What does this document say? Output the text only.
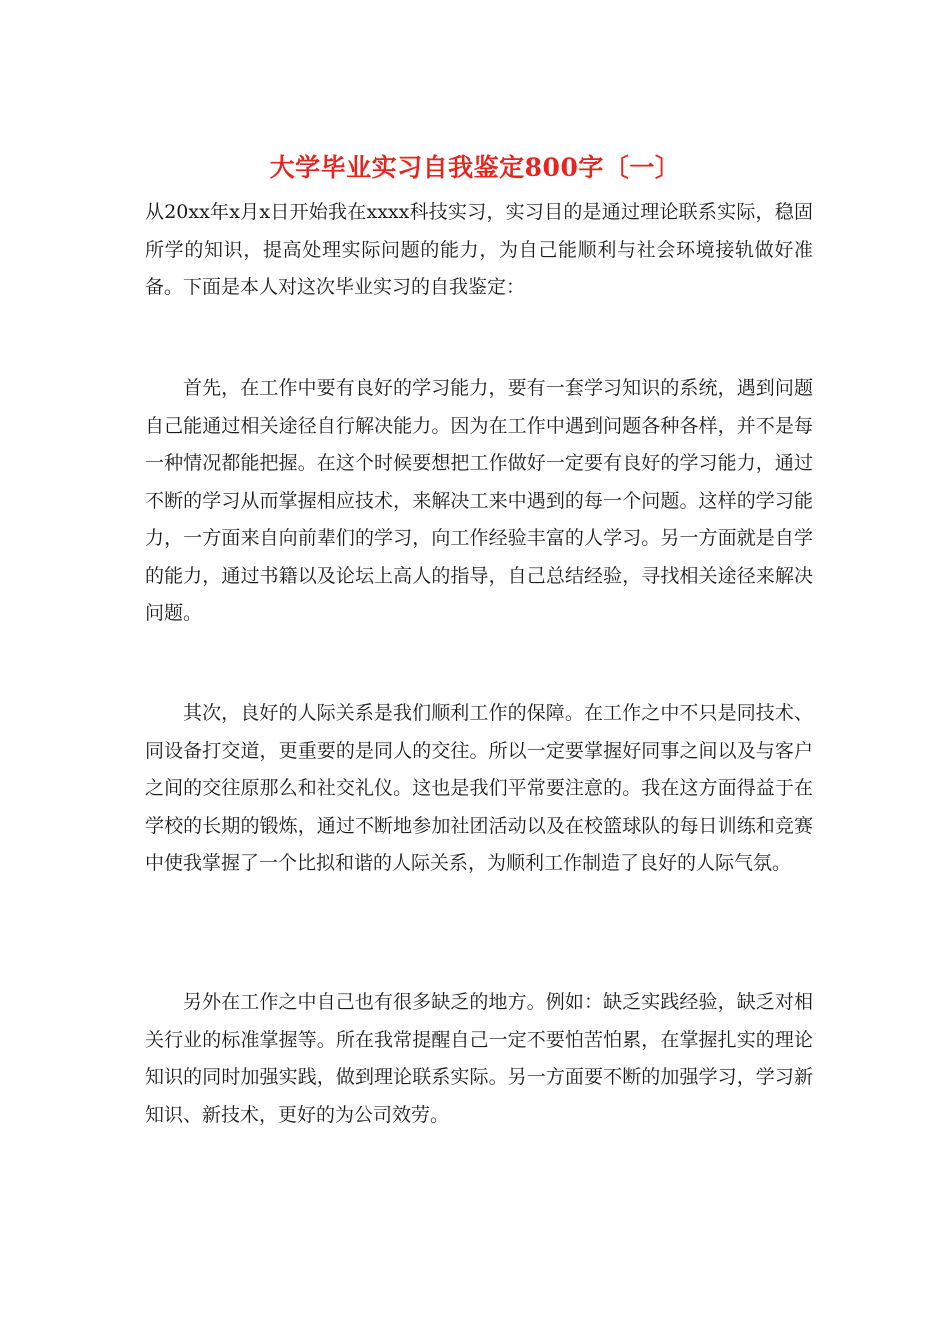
大学毕业实习自我鉴定800字〔一〕

从20xx年x月x日开始我在xxxx科技实习，实习目的是通过理论联系实际，稳固所学的知识，提高处理实际问题的能力，为自己能顺利与社会环境接轨做好准备。下面是本人对这次毕业实习的自我鉴定：

首先，在工作中要有良好的学习能力，要有一套学习知识的系统，遇到问题自己能通过相关途径自行解决能力。因为在工作中遇到问题各种各样，并不是每一种情况都能把握。在这个时候要想把工作做好一定要有良好的学习能力，通过不断的学习从而掌握相应技术，来解决工来中遇到的每一个问题。这样的学习能力，一方面来自向前辈们的学习，向工作经验丰富的人学习。另一方面就是自学的能力，通过书籍以及论坛上高人的指导，自己总结经验，寻找相关途径来解决问题。

其次，良好的人际关系是我们顺利工作的保障。在工作之中不只是同技术、同设备打交道，更重要的是同人的交往。所以一定要掌握好同事之间以及与客户之间的交往原那么和社交礼仪。这也是我们平常要注意的。我在这方面得益于在学校的长期的锻炼，通过不断地参加社团活动以及在校篮球队的每日训练和竞赛中使我掌握了一个比拟和谐的人际关系，为顺利工作制造了良好的人际气氛。

另外在工作之中自己也有很多缺乏的地方。例如：缺乏实践经验，缺乏对相关行业的标准掌握等。所在我常提醒自己一定不要怕苦怕累，在掌握扎实的理论知识的同时加强实践，做到理论联系实际。另一方面要不断的加强学习，学习新知识、新技术，更好的为公司效劳。
